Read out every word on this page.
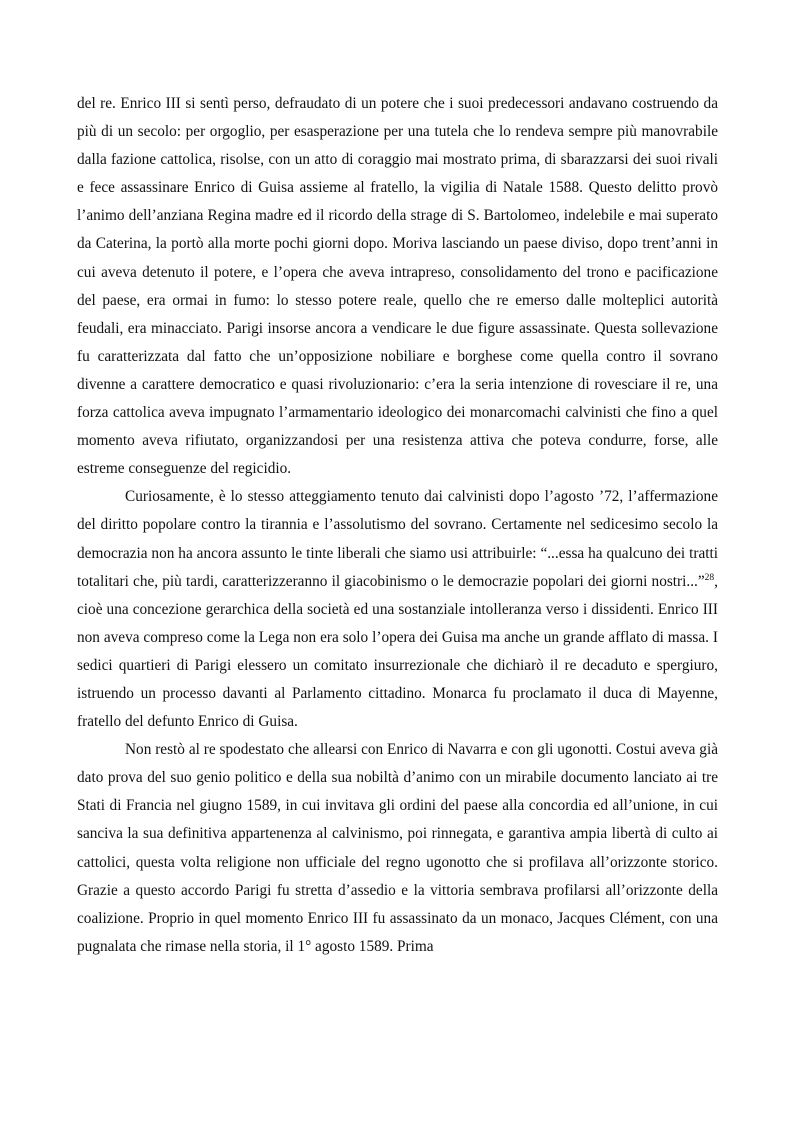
del re. Enrico III si sentì perso, defraudato di un potere che i suoi predecessori andavano costruendo da più di un secolo: per orgoglio, per esasperazione per una tutela che lo rendeva sempre più manovrabile dalla fazione cattolica, risolse, con un atto di coraggio mai mostrato prima, di sbarazzarsi dei suoi rivali e fece assassinare Enrico di Guisa assieme al fratello, la vigilia di Natale 1588. Questo delitto provò l’animo dell’anziana Regina madre ed il ricordo della strage di S. Bartolomeo, indelebile e mai superato da Caterina, la portò alla morte pochi giorni dopo. Moriva lasciando un paese diviso, dopo trent’anni in cui aveva detenuto il potere, e l’opera che aveva intrapreso, consolidamento del trono e pacificazione del paese, era ormai in fumo: lo stesso potere reale, quello che re emerso dalle molteplici autorità feudali, era minacciato. Parigi insorse ancora a vendicare le due figure assassinate. Questa sollevazione fu caratterizzata dal fatto che un’opposizione nobiliare e borghese come quella contro il sovrano divenne a carattere democratico e quasi rivoluzionario: c’era la seria intenzione di rovesciare il re, una forza cattolica aveva impugnato l’armamentario ideologico dei monarcomachi calvinisti che fino a quel momento aveva rifiutato, organizzandosi per una resistenza attiva che poteva condurre, forse, alle estreme conseguenze del regicidio.

Curiosamente, è lo stesso atteggiamento tenuto dai calvinisti dopo l’agosto ’72, l’affermazione del diritto popolare contro la tirannia e l’assolutismo del sovrano. Certamente nel sedicesimo secolo la democrazia non ha ancora assunto le tinte liberali che siamo usi attribuirle: “...essa ha qualcuno dei tratti totalitari che, più tardi, caratterizzeranno il giacobinismo o le democrazie popolari dei giorni nostri...”$^{28}$, cioè una concezione gerarchica della società ed una sostanziale intolleranza verso i dissidenti. Enrico III non aveva compreso come la Lega non era solo l’opera dei Guisa ma anche un grande afflato di massa. I sedici quartieri di Parigi elessero un comitato insurrezionale che dichiarò il re decaduto e spergiuro, istruendo un processo davanti al Parlamento cittadino. Monarca fu proclamato il duca di Mayenne, fratello del defunto Enrico di Guisa.

Non restò al re spodestato che allearsi con Enrico di Navarra e con gli ugonotti. Costui aveva già dato prova del suo genio politico e della sua nobiltà d’animo con un mirabile documento lanciato ai tre Stati di Francia nel giugno 1589, in cui invitava gli ordini del paese alla concordia ed all’unione, in cui sanciva la sua definitiva appartenenza al calvinismo, poi rinnegata, e garantiva ampia libertà di culto ai cattolici, questa volta religione non ufficiale del regno ugonotto che si profilava all’orizzonte storico. Grazie a questo accordo Parigi fu stretta d’assedio e la vittoria sembrava profilarsi all’orizzonte della coalizione. Proprio in quel momento Enrico III fu assassinato da un monaco, Jacques Clément, con una pugnalata che rimase nella storia, il 1° agosto 1589. Prima
